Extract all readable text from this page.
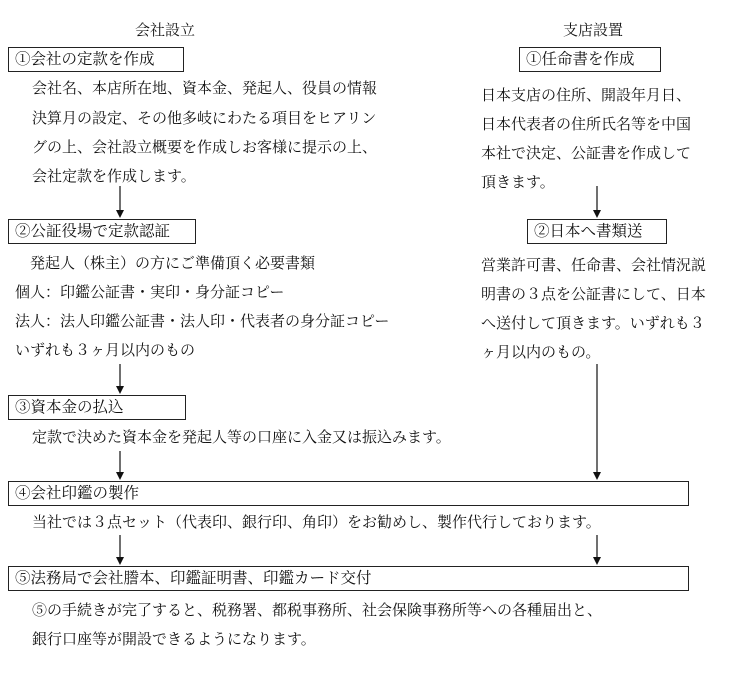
会社設立	支店設置
①会社の定款を作成
会社名、本店所在地、資本金、発起人、役員の情報
決算月の設定、その他多岐にわたる項目をヒアリン
グの上、会社設立概要を作成しお客様に提示の上、
会社定款を作成します。
②公証役場で定款認証
　発起人（株主）の方にご準備頂く必要書類
個人：印鑑公証書・実印・身分証コピー
法人：法人印鑑公証書・法人印・代表者の身分証コピー
いずれも３ヶ月以内のもの
③資本金の払込
定款で決めた資本金を発起人等の口座に入金又は振込みます。
①任命書を作成
日本支店の住所、開設年月日、
日本代表者の住所氏名等を中国
本社で決定、公証書を作成して
頂きます。
②日本へ書類送
営業許可書、任命書、会社情況説
明書の３点を公証書にして、日本
へ送付して頂きます。いずれも３
ヶ月以内のもの。
④会社印鑑の製作
当社では３点セット（代表印、銀行印、角印）をお勧めし、製作代行しております。
⑤法務局で会社謄本、印鑑証明書、印鑑カード交付
⑤の手続きが完了すると、税務署、都税事務所、社会保険事務所等への各種届出と、
銀行口座等が開設できるようになります。
